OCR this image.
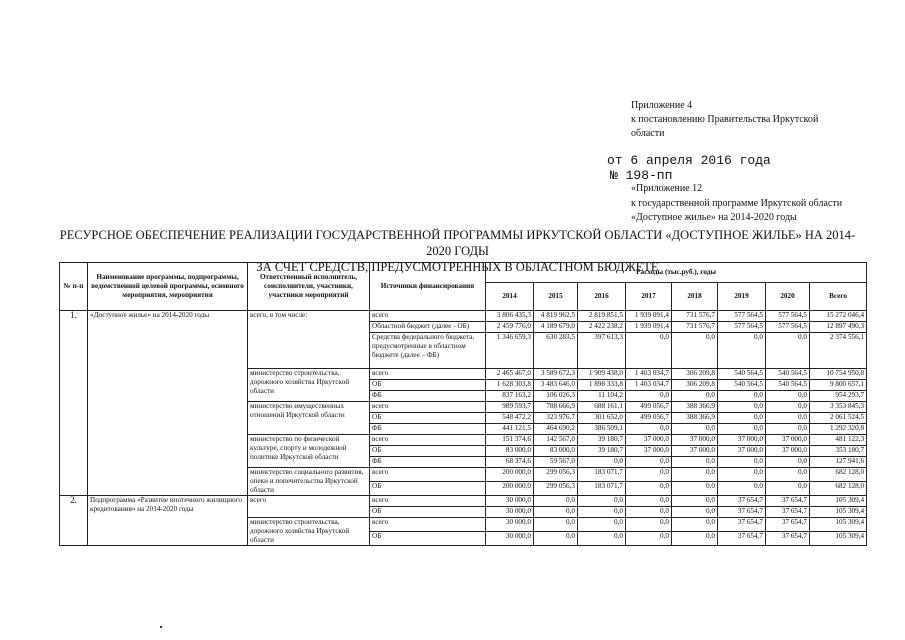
Приложение 4
к постановлению Правительства Иркутской
области
от 6 апреля 2016 года
№ 198-пп
«Приложение 12
к государственной программе Иркутской области
«Доступное жилье» на 2014-2020 годы
РЕСУРСНОЕ ОБЕСПЕЧЕНИЕ РЕАЛИЗАЦИИ ГОСУДАРСТВЕННОЙ ПРОГРАММЫ ИРКУТСКОЙ ОБЛАСТИ «ДОСТУПНОЕ ЖИЛЬЕ» НА 2014-2020 ГОДЫ
ЗА СЧЕТ СРЕДСТВ, ПРЕДУСМОТРЕННЫХ В ОБЛАСТНОМ БЮДЖЕТЕ
№ п-п	Наименование программы, подпрограммы, ведомственной целевой программы, основного мероприятия, мероприятия	Ответственный исполнитель, соисполнители, участники, участники мероприятий	Источники финансирования	Расходы (тыс.руб.), годы							
				2014	2015	2016	2017	2018	2019	2020	Всего
1.	«Доступное жилье» на 2014-2020 годы	всего, в том числе:	всего	3 806 435,3	4 819 962,5	2 819 851,5	1 939 091,4	731 576,7	577 564,5	577 564,5	15 272 046,4
			Областной бюджет (далее - ОБ)	2 459 776,0	4 189 679,0	2 422 238,2	1 939 091,4	731 576,7	577 564,5	577 564,5	12 897 490,3
			Средства федерального бюджета, предусмотренные в областном бюджете (далее – ФБ)	1 346 659,3	630 283,5	397 613,3	0,0	0,0	0,0	0,0	2 374 556,1
		министерство строительства, дорожного хозяйства Иркутской области	всего	2 465 467,0	3 589 672,3	1 909 438,0	1 403 034,7	306 209,8	540 564,5	540 564,5	10 754 950,8
			ОБ	1 628 303,8	3 483 646,0	1 898 333,8	1 403 034,7	306 209,8	540 564,5	540 564,5	9 800 657,1
			ФБ	837 163,2	106 026,3	11 104,2	0,0	0,0	0,0	0,0	954 293,7
		министерство имущественных отношений Иркутской области	всего	989 593,7	788 666,9	688 161,1	499 056,7	388 366,9	0,0	0,0	3 353 845,3
			ОБ	548 472,2	323 976,7	301 652,0	499 056,7	388 366,9	0,0	0,0	2 061 524,5
			ФБ	441 121,5	464 690,2	386 509,1	0,0	0,0	0,0	0,0	1 292 320,8
		министерство по физической культуре, спорту и молодежной политике Иркутской области	всего	151 374,6	142 567,0	39 180,7	37 000,0	37 000,0	37 000,0	37 000,0	481 122,3
			ОБ	83 000,0	83 000,0	39 180,7	37 000,0	37 000,0	37 000,0	37 000,0	353 180,7
			ФБ	68 374,6	59 567,0	0,0	0,0	0,0	0,0	0,0	127 941,6
		министерство социального развития, опеки и попечительства Иркутской области	всего	200 000,0	299 056,3	183 071,7	0,0	0,0	0,0	0,0	682 128,0
			ОБ	200 000,0	299 056,3	183 071,7	0,0	0,0	0,0	0,0	682 128,0
2.	Подпрограмма «Развитие ипотечного жилищного кредитования» на 2014-2020 годы	всего	всего	30 000,0	0,0	0,0	0,0	0,0	37 654,7	37 654,7	105 309,4
			ОБ	30 000,0	0,0	0,0	0,0	0,0	37 654,7	37 654,7	105 309,4
		министерство строительства, дорожного хозяйства Иркутской области	всего	30 000,0	0,0	0,0	0,0	0,0	37 654,7	37 654,7	105 309,4
			ОБ	30 000,0	0,0	0,0	0,0	0,0	37 654,7	37 654,7	105 309,4
